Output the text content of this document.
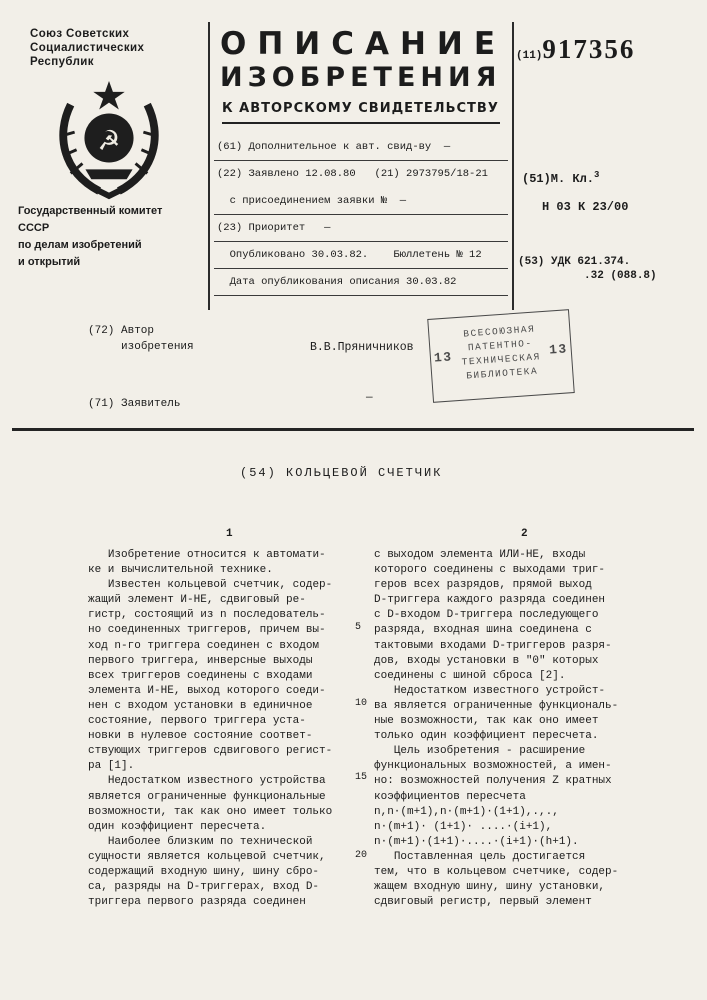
Союз Советских
Социалистических
Республик
☭
Государственный комитет
СССР
по делам изобретений
и открытий
ОПИСАНИЕ
ИЗОБРЕТЕНИЯ
К АВТОРСКОМУ СВИДЕТЕЛЬСТВУ
(61) Дополнительное к авт. свид-ву  —
(22) Заявлено 12.08.80   (21) 2973795/18-21
с присоединением заявки №  —
(23) Приоритет   —
Опубликовано 30.03.82.    Бюллетень № 12
Дата опубликования описания 30.03.82
(11)917356
(51)М. Кл.$^3$
Н 03 К 23/00
(53) УДК 621.374.
.32 (088.8)
(72) Автор
изобретения	В.В.Пряничников
(71) Заявитель	—
13
ВСЕСОЮЗНАЯ
ПАТЕНТНО-
ТЕХНИЧЕСКАЯ
БИБЛИОТЕКА
13
(54) КОЛЬЦЕВОЙ СЧЕТЧИК
1	2
Изобретение относится к автомати-
ке и вычислительной технике.
Известен кольцевой счетчик, содер-
жащий элемент И-НЕ, сдвиговый ре-
гистр, состоящий из n последователь-
но соединенных триггеров, причем вы-
ход n-го триггера соединен с входом
первого триггера, инверсные выходы
всех триггеров соединены с входами
элемента И-НЕ, выход которого соеди-
нен с входом установки в единичное
состояние, первого триггера уста-
новки в нулевое состояние соответ-
ствующих триггеров сдвигового регист-
ра [1].
Недостатком известного устройства
является ограниченные функциональные
возможности, так как оно имеет только
один коэффициент пересчета.
Наиболее близким по технической
сущности является кольцевой счетчик,
содержащий входную шину, шину сбро-
са, разряды на D-триггерах, вход D-
триггера первого разряда соединен
с выходом элемента ИЛИ-НЕ, входы
которого соединены с выходами триг-
геров всех разрядов, прямой выход
D-триггера каждого разряда соединен
с D-входом D-триггера последующего
разряда, входная шина соединена с
тактовыми входами D-триггеров разря-
дов, входы установки в "0" которых
соединены с шиной сброса [2].
Недостатком известного устройст-
ва является ограниченные функциональ-
ные возможности, так как оно имеет
только один коэффициент пересчета.
Цель изобретения - расширение
функциональных возможностей, а имен-
но: возможностей получения Z кратных
коэффициентов пересчета
n,n·(m+1),n·(m+1)·(1+1),.,.,
n·(m+1)· (1+1)· ....·(i+1),
n·(m+1)·(1+1)·....·(i+1)·(h+1).
Поставленная цель достигается
тем, что в кольцевом счетчике, содер-
жащем входную шину, шину установки,
сдвиговый регистр, первый элемент
5
10
15
20
